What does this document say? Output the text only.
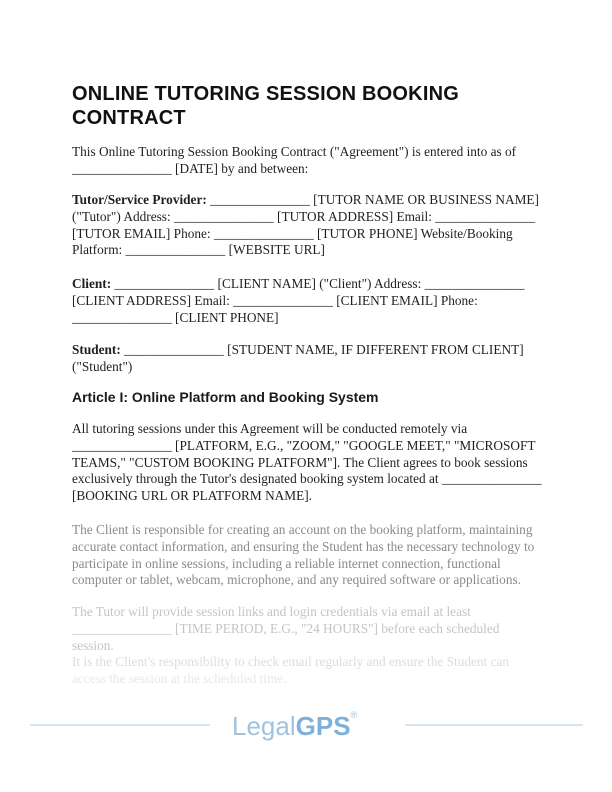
ONLINE TUTORING SESSION BOOKING CONTRACT

This Online Tutoring Session Booking Contract ("Agreement") is entered into as of _______________ [DATE] by and between:

Tutor/Service Provider: _______________ [TUTOR NAME OR BUSINESS NAME] ("Tutor") Address: _______________ [TUTOR ADDRESS] Email: _______________ [TUTOR EMAIL] Phone: _______________ [TUTOR PHONE] Website/Booking Platform: _______________ [WEBSITE URL]

Client: _______________ [CLIENT NAME] ("Client") Address: _______________ [CLIENT ADDRESS] Email: _______________ [CLIENT EMAIL] Phone: _______________ [CLIENT PHONE]

Student: _______________ [STUDENT NAME, IF DIFFERENT FROM CLIENT] ("Student")

Article I: Online Platform and Booking System

All tutoring sessions under this Agreement will be conducted remotely via _______________ [PLATFORM, E.G., "ZOOM," "GOOGLE MEET," "MICROSOFT TEAMS," "CUSTOM BOOKING PLATFORM"]. The Client agrees to book sessions exclusively through the Tutor's designated booking system located at _______________ [BOOKING URL OR PLATFORM NAME].

The Client is responsible for creating an account on the booking platform, maintaining accurate contact information, and ensuring the Student has the necessary technology to participate in online sessions, including a reliable internet connection, functional computer or tablet, webcam, microphone, and any required software or applications.

The Tutor will provide session links and login credentials via email at least
_______________ [TIME PERIOD, E.G., "24 HOURS"] before each scheduled session.
It is the Client's responsibility to check email regularly and ensure the Student can
access the session at the scheduled time.
LegalGPS®
